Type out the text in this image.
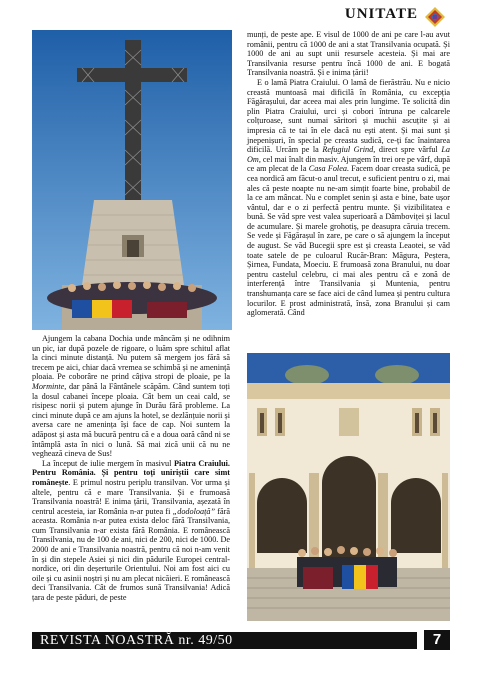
UNITATE

Ajungem la cabana Dochia unde mâncăm și ne odihnim un pic, iar după pozele de rigoare, o luăm spre schitul aflat la cinci minute distanță. Nu putem să mergem jos fără să trecem pe aici, chiar dacă vremea se schimbă și ne amenință ploaia. Pe coborâre ne prind câțiva stropi de ploaie, pe la Morminte, dar până la Fântânele scăpăm. Când suntem toți la dosul cabanei începe ploaia. Cât bem un ceai cald, se risipesc norii și putem ajunge în Durău fără probleme. La cinci minute după ce am ajuns la hotel, se dezlănțuie norii și aversa care ne amenința își face de cap. Noi suntem la adăpost și asta mă bucură pentru că e a doua oară când ni se întâmplă asta în nici o lună. Să mai zică unii că nu ne veghează cineva de Sus!

La început de iulie mergem în masivul Piatra Craiului. Pentru România. Și pentru toți uniriștii care simt românește. E primul nostru periplu transilvan. Vor urma și altele, pentru că e mare Transilvania. Și e frumoasă Transilvania noastră! E inima țării, Transilvania, așezată în centrul acesteia, iar România n-ar putea fi „dodoloață” fără aceasta. România n-ar putea exista deloc fără Transilvania, cum Transilvania n-ar exista fără România. E românească Transilvania, nu de 100 de ani, nici de 200, nici de 1000. De 2000 de ani e Transilvania noastră, pentru că noi n-am venit în și din stepele Asiei și nici din pădurile Europei central-nordice, ori din deșerturile Orientului. Noi am fost aici cu oile și cu asinii noștri și nu am plecat nicăieri. E românească deci Transilvania. Cât de frumos sună Transilvania! Adică țara de peste păduri, de peste

munți, de peste ape. E visul de 1000 de ani pe care l-au avut românii, pentru că 1000 de ani a stat Transilvania ocupată. Și 1000 de ani au supt unii resursele acesteia. Și mai are Transilvania resurse pentru încă 1000 de ani. E bogată Transilvania noastră. Și e inima țării!

E o lamă Piatra Craiului. O lamă de fierăstrău. Nu e nicio creastă muntoasă mai dificilă în România, cu excepția Făgărașului, dar aceea mai ales prin lungime. Te solicită din plin Piatra Craiului, urci și cobori întruna pe calcarele colțuroase, sunt numai săritori și muchii ascuțite și ai impresia că te tai în ele dacă nu ești atent. Și mai sunt și jnepenișuri, în special pe creasta sudică, ce-ți fac înaintarea dificilă. Urcăm pe la Refugiul Grind, direct spre vârful La Om, cel mai înalt din masiv. Ajungem în trei ore pe vârf, după ce am plecat de la Casa Folea. Facem doar creasta sudică, pe cea nordică am făcut-o anul trecut, e suficient pentru o zi, mai ales că peste noapte nu ne-am simțit foarte bine, probabil de la ce am mâncat. Nu e complet senin și asta e bine, bate ușor vântul, dar e o zi perfectă pentru munte. Și vizibilitatea e bună. Se văd spre vest valea superioară a Dâmboviței și lacul de acumulare. Și marele grohotiș, pe deasupra căruia trecem. Se vede și Făgărașul în zare, pe care o să ajungem la început de august. Se văd Bucegii spre est și creasta Leaotei, se văd toate satele de pe culoarul Rucăr-Bran: Măgura, Peștera, Șirnea, Fundata, Moeciu. E frumoasă zona Branului, nu doar pentru castelul celebru, ci mai ales pentru că e zonă de interferență între Transilvania și Muntenia, pentru transhumanța care se face aici de când lumea și pentru cultura locurilor. E prost administrată, însă, zona Branului și cam aglomerată. Când

REVISTA NOASTRĂ nr. 49/50	7
